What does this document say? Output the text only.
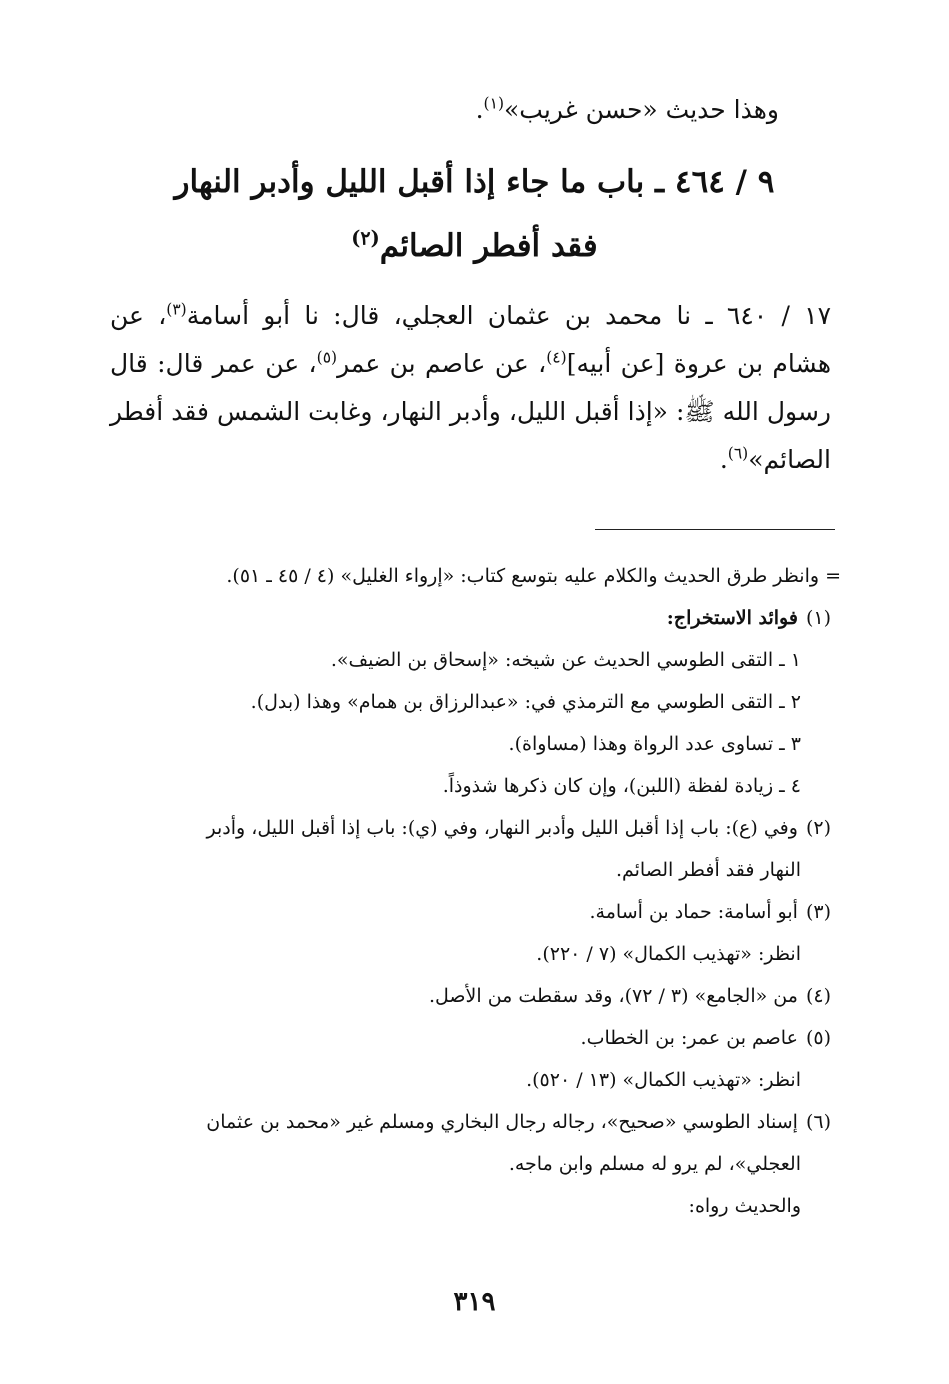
وهذا حديث «حسن غريب»$^{(١)}$.
٩ / ٤٦٤ ـ باب ما جاء إذا أقبل الليل وأدبر النهار
فقد أفطر الصائم$^{(٢)}$
١٧ / ٦٤٠ ـ نا محمد بن عثمان العجلي، قال: نا أبو أسامة$^{(٣)}$، عن
هشام بن عروة [عن أبيه]$^{(٤)}$، عن عاصم بن عمر$^{(٥)}$، عن عمر قال: قال
رسول الله ﷺ: «إذا أقبل الليل، وأدبر النهار، وغابت الشمس فقد أفطر
الصائم»$^{(٦)}$.
= وانظر طرق الحديث والكلام عليه بتوسع كتاب: «إرواء الغليل» (٤ / ٤٥ ـ ٥١).
(١)فوائد الاستخراج:
١ ـ التقى الطوسي الحديث عن شيخه: «إسحاق بن الضيف».
٢ ـ التقى الطوسي مع الترمذي في: «عبدالرزاق بن همام» وهذا (بدل).
٣ ـ تساوى عدد الرواة وهذا (مساواة).
٤ ـ زيادة لفظة (اللبن)، وإن كان ذكرها شذوذاً.
(٢)وفي (ع): باب إذا أقبل الليل وأدبر النهار، وفي (ي): باب إذا أقبل الليل، وأدبر
النهار فقد أفطر الصائم.
(٣)أبو أسامة: حماد بن أسامة.
انظر: «تهذيب الكمال» (٧ / ٢٢٠).
(٤)من «الجامع» (٣ / ٧٢)، وقد سقطت من الأصل.
(٥)عاصم بن عمر: بن الخطاب.
انظر: «تهذيب الكمال» (١٣ / ٥٢٠).
(٦)إسناد الطوسي «صحيح»، رجاله رجال البخاري ومسلم غير «محمد بن عثمان
العجلي»، لم يرو له مسلم وابن ماجه.
والحديث رواه:
٣١٩
